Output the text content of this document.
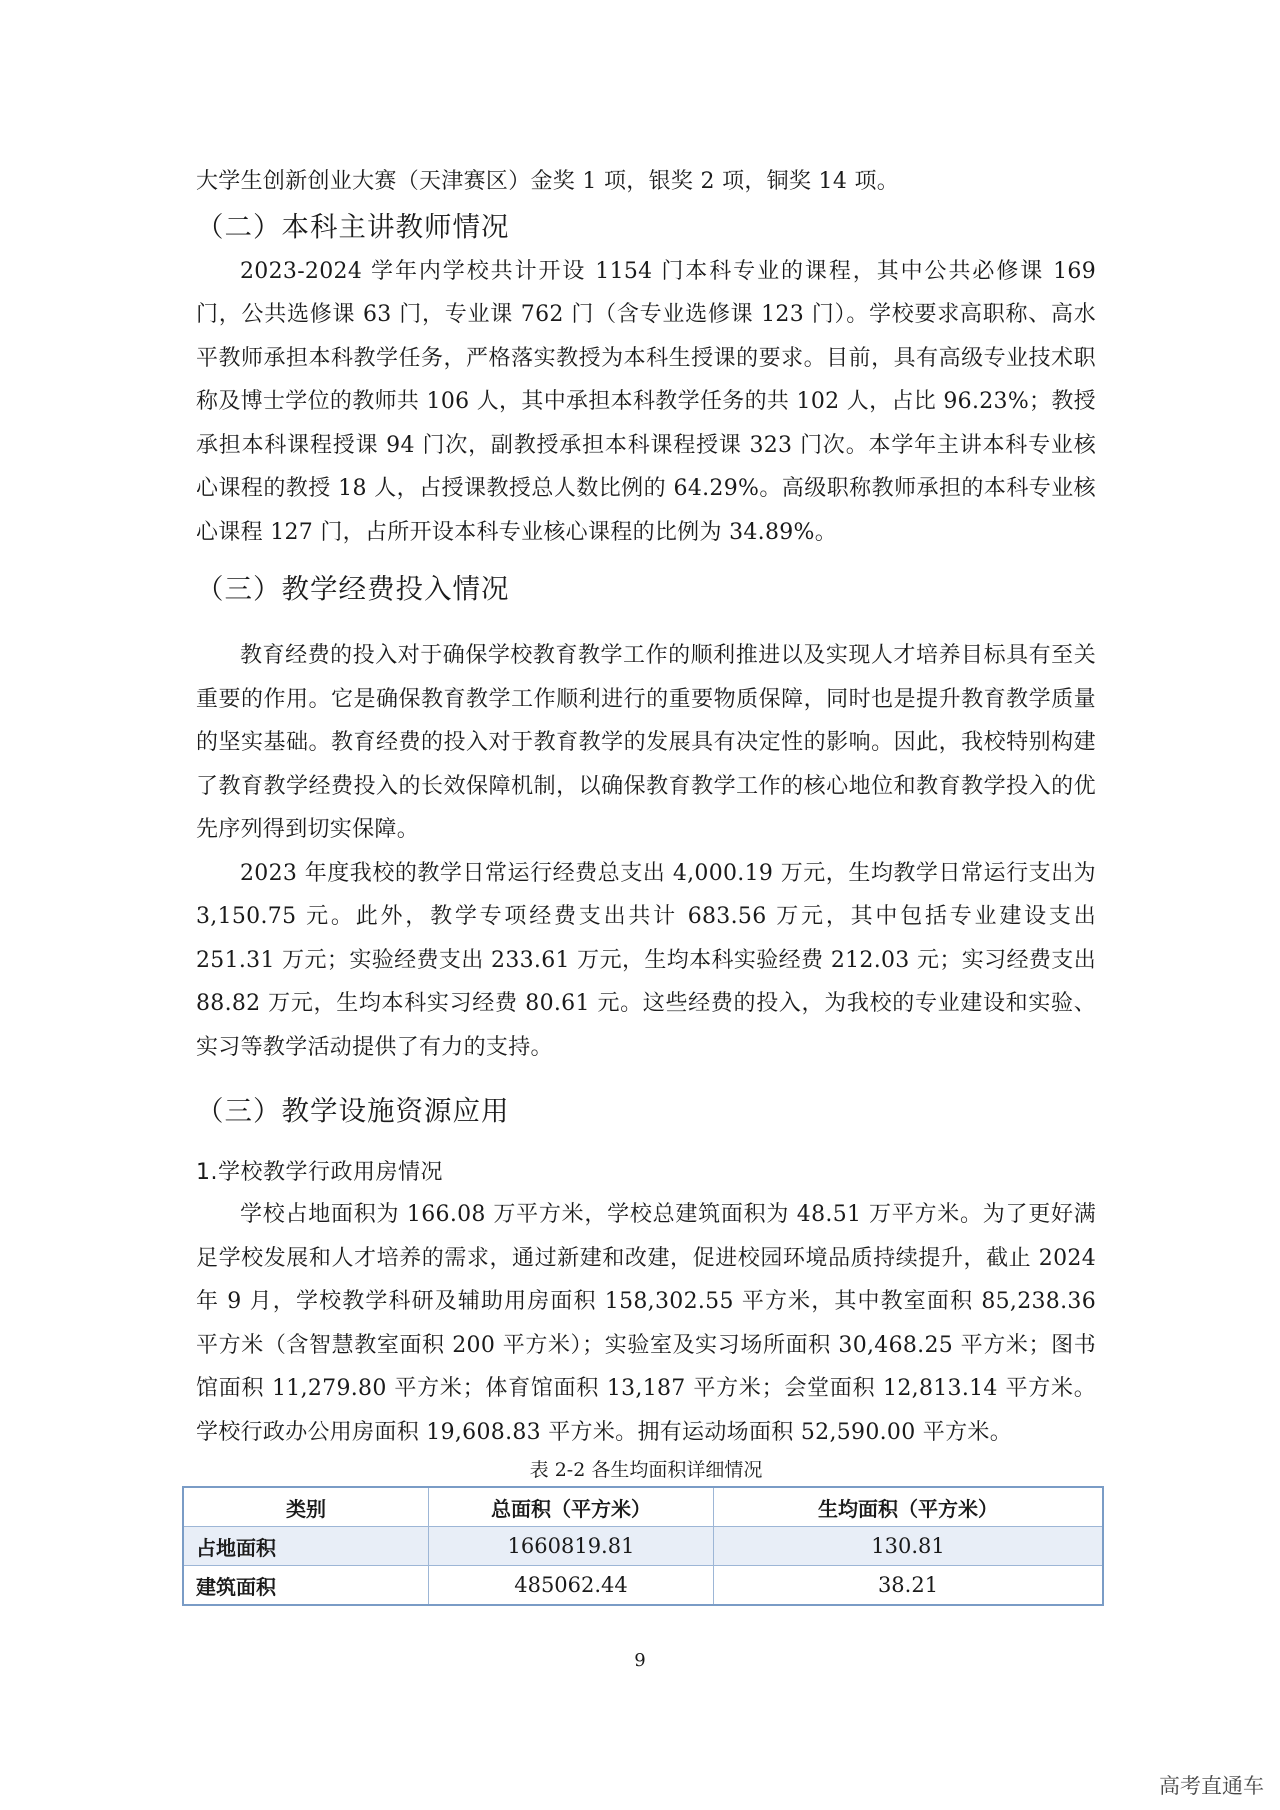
大学生创新创业大赛（天津赛区）金奖 1 项，银奖 2 项，铜奖 14 项。

（二）本科主讲教师情况

2023-2024 学年内学校共计开设 1154 门本科专业的课程，其中公共必修课 169 门，公共选修课 63 门，专业课 762 门（含专业选修课 123 门）。学校要求高职称、高水平教师承担本科教学任务，严格落实教授为本科生授课的要求。目前，具有高级专业技术职称及博士学位的教师共 106 人，其中承担本科教学任务的共 102 人，占比 96.23%；教授承担本科课程授课 94 门次，副教授承担本科课程授课 323 门次。本学年主讲本科专业核心课程的教授 18 人，占授课教授总人数比例的 64.29%。高级职称教师承担的本科专业核心课程 127 门，占所开设本科专业核心课程的比例为 34.89%。

（三）教学经费投入情况

教育经费的投入对于确保学校教育教学工作的顺利推进以及实现人才培养目标具有至关重要的作用。它是确保教育教学工作顺利进行的重要物质保障，同时也是提升教育教学质量的坚实基础。教育经费的投入对于教育教学的发展具有决定性的影响。因此，我校特别构建了教育教学经费投入的长效保障机制，以确保教育教学工作的核心地位和教育教学投入的优先序列得到切实保障。

2023 年度我校的教学日常运行经费总支出 4,000.19 万元，生均教学日常运行支出为 3,150.75 元。此外，教学专项经费支出共计 683.56 万元，其中包括专业建设支出 251.31 万元；实验经费支出 233.61 万元，生均本科实验经费 212.03 元；实习经费支出 88.82 万元，生均本科实习经费 80.61 元。这些经费的投入，为我校的专业建设和实验、实习等教学活动提供了有力的支持。

（三）教学设施资源应用
1.学校教学行政用房情况

学校占地面积为 166.08 万平方米，学校总建筑面积为 48.51 万平方米。为了更好满足学校发展和人才培养的需求，通过新建和改建，促进校园环境品质持续提升，截止 2024 年 9 月，学校教学科研及辅助用房面积 158,302.55 平方米，其中教室面积 85,238.36 平方米（含智慧教室面积 200 平方米）；实验室及实习场所面积 30,468.25 平方米；图书馆面积 11,279.80 平方米；体育馆面积 13,187 平方米；会堂面积 12,813.14 平方米。学校行政办公用房面积 19,608.83 平方米。拥有运动场面积 52,590.00 平方米。

表 2-2 各生均面积详细情况
类别	总面积（平方米）	生均面积（平方米）
占地面积	1660819.81	130.81
建筑面积	485062.44	38.21
9
高考直通车
